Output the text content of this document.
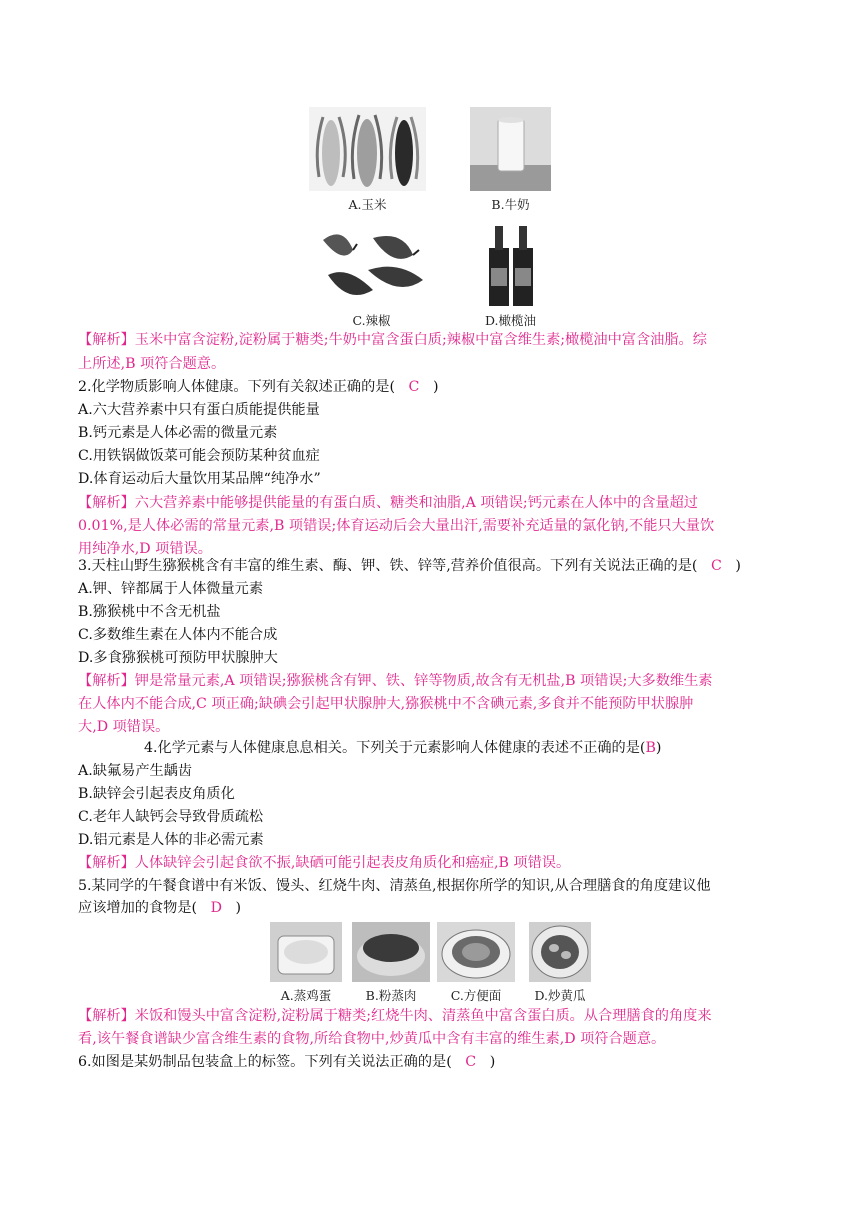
A.玉米	B.牛奶
C.辣椒	D.橄榄油
【解析】玉米中富含淀粉,淀粉属于糖类;牛奶中富含蛋白质;辣椒中富含维生素;橄榄油中富含油脂。综
上所述,B 项符合题意。
2.化学物质影响人体健康。下列有关叙述正确的是( C )
A.六大营养素中只有蛋白质能提供能量
B.钙元素是人体必需的微量元素
C.用铁锅做饭菜可能会预防某种贫血症
D.体育运动后大量饮用某品牌“纯净水”
【解析】六大营养素中能够提供能量的有蛋白质、糖类和油脂,A 项错误;钙元素在人体中的含量超过
0.01%,是人体必需的常量元素,B 项错误;体育运动后会大量出汗,需要补充适量的氯化钠,不能只大量饮
用纯净水,D 项错误。
3.天柱山野生猕猴桃含有丰富的维生素、酶、钾、铁、锌等,营养价值很高。下列有关说法正确的是( C )
A.钾、锌都属于人体微量元素
B.猕猴桃中不含无机盐
C.多数维生素在人体内不能合成
D.多食猕猴桃可预防甲状腺肿大
【解析】钾是常量元素,A 项错误;猕猴桃含有钾、铁、锌等物质,故含有无机盐,B 项错误;大多数维生素
在人体内不能合成,C 项正确;缺碘会引起甲状腺肿大,猕猴桃中不含碘元素,多食并不能预防甲状腺肿
大,D 项错误。
4.化学元素与人体健康息息相关。下列关于元素影响人体健康的表述不正确的是(B)
A.缺氟易产生龋齿
B.缺锌会引起表皮角质化
C.老年人缺钙会导致骨质疏松
D.铝元素是人体的非必需元素
【解析】人体缺锌会引起食欲不振,缺硒可能引起表皮角质化和癌症,B 项错误。
5.某同学的午餐食谱中有米饭、馒头、红烧牛肉、清蒸鱼,根据你所学的知识,从合理膳食的角度建议他
应该增加的食物是( D )
A.蒸鸡蛋	B.粉蒸肉	C.方便面	D.炒黄瓜
【解析】米饭和馒头中富含淀粉,淀粉属于糖类;红烧牛肉、清蒸鱼中富含蛋白质。从合理膳食的角度来
看,该午餐食谱缺少富含维生素的食物,所给食物中,炒黄瓜中含有丰富的维生素,D 项符合题意。
6.如图是某奶制品包装盒上的标签。下列有关说法正确的是( C )
